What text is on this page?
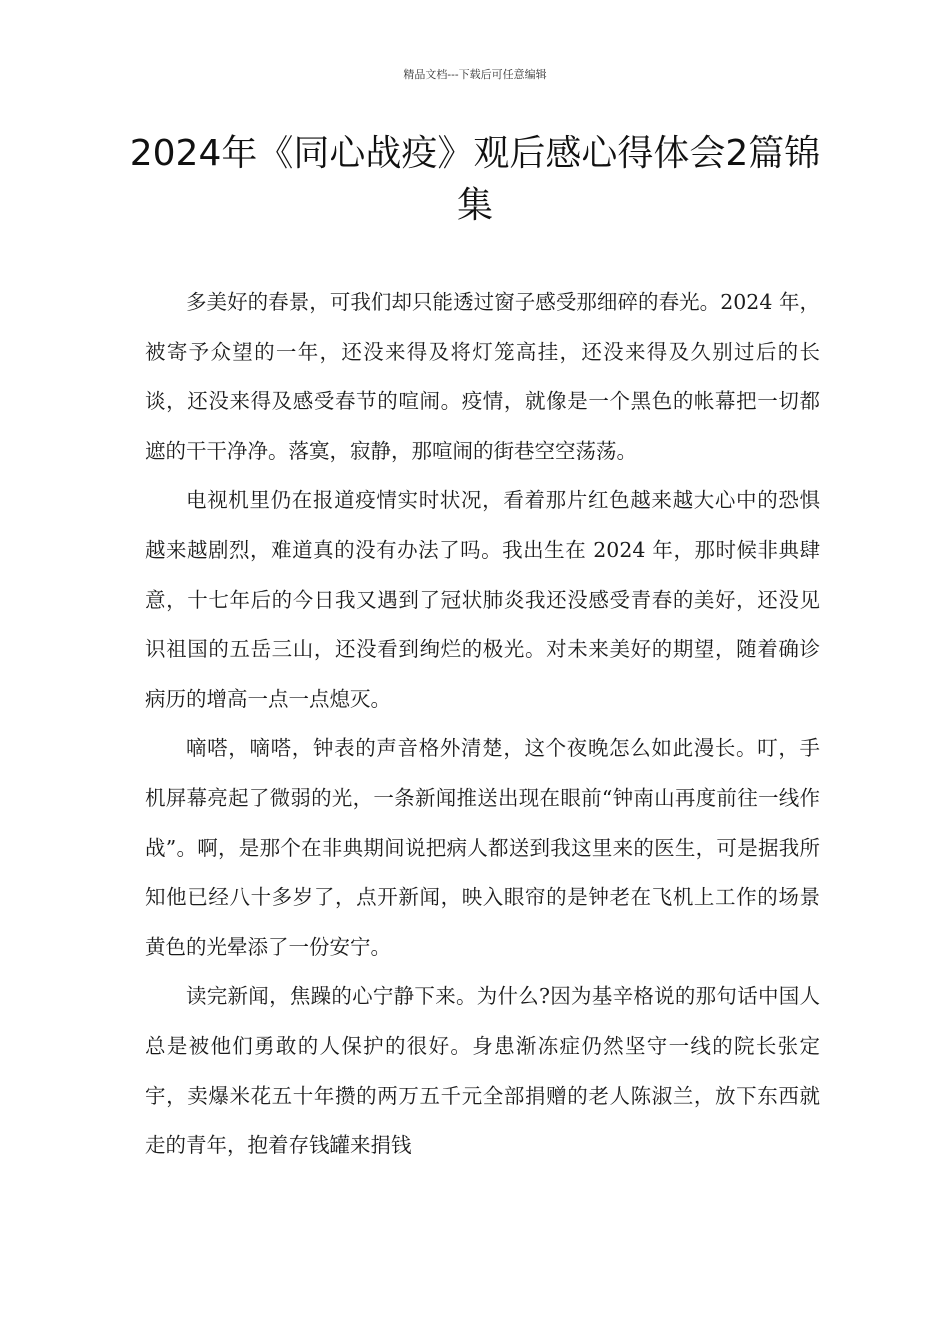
精品文档---下载后可任意编辑
2024年《同心战疫》观后感心得体会2篇锦集

多美好的春景，可我们却只能透过窗子感受那细碎的春光。2024 年，被寄予众望的一年，还没来得及将灯笼高挂，还没来得及久别过后的长谈，还没来得及感受春节的喧闹。疫情，就像是一个黑色的帐幕把一切都遮的干干净净。落寞，寂静，那喧闹的街巷空空荡荡。

电视机里仍在报道疫情实时状况，看着那片红色越来越大心中的恐惧越来越剧烈，难道真的没有办法了吗。我出生在 2024 年，那时候非典肆意，十七年后的今日我又遇到了冠状肺炎我还没感受青春的美好，还没见识祖国的五岳三山，还没看到绚烂的极光。对未来美好的期望，随着确诊病历的增高一点一点熄灭。

嘀嗒，嘀嗒，钟表的声音格外清楚，这个夜晚怎么如此漫长。叮，手机屏幕亮起了微弱的光，一条新闻推送出现在眼前“钟南山再度前往一线作战”。啊，是那个在非典期间说把病人都送到我这里来的医生，可是据我所知他已经八十多岁了，点开新闻，映入眼帘的是钟老在飞机上工作的场景黄色的光晕添了一份安宁。

读完新闻，焦躁的心宁静下来。为什么?因为基辛格说的那句话中国人总是被他们勇敢的人保护的很好。身患渐冻症仍然坚守一线的院长张定宇，卖爆米花五十年攒的两万五千元全部捐赠的老人陈淑兰，放下东西就走的青年，抱着存钱罐来捐钱
